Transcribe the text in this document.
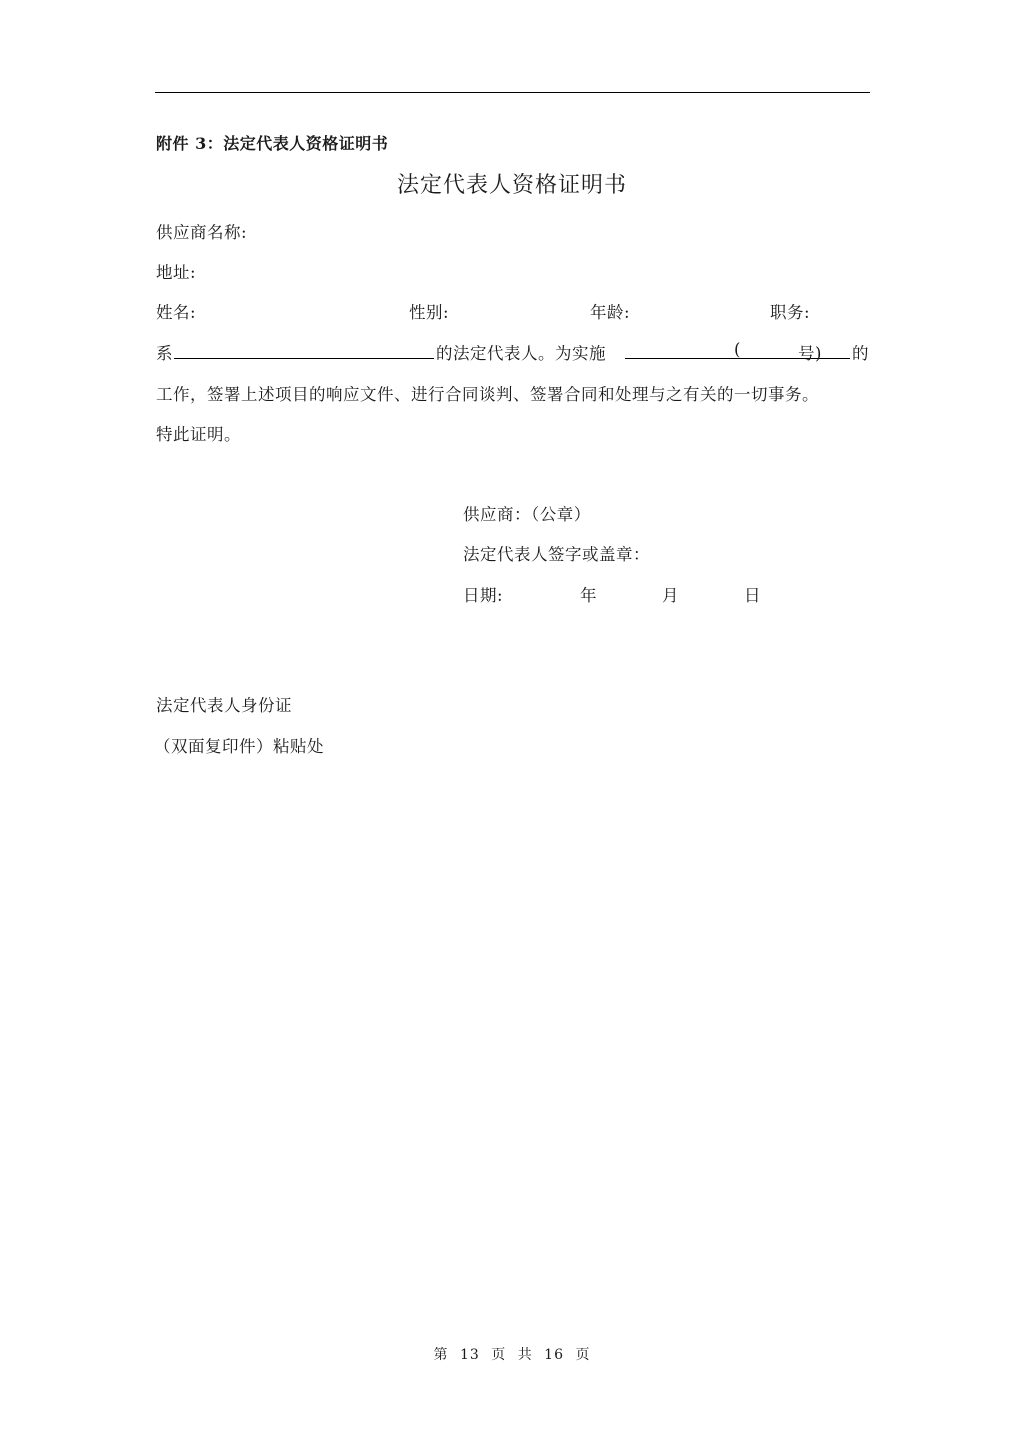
附件 3：法定代表人资格证明书
法定代表人资格证明书
供应商名称:
地址:
姓名:	性别:	年龄:	职务:
系	的法定代表人。为实施	(	号) 的
工作，签署上述项目的响应文件、进行合同谈判、签署合同和处理与之有关的一切事务。
特此证明。
供应商：（公章）
法定代表人签字或盖章：
日期:	年	月	日
法定代表人身份证
（双面复印件）粘贴处
第 13 页 共 16 页
